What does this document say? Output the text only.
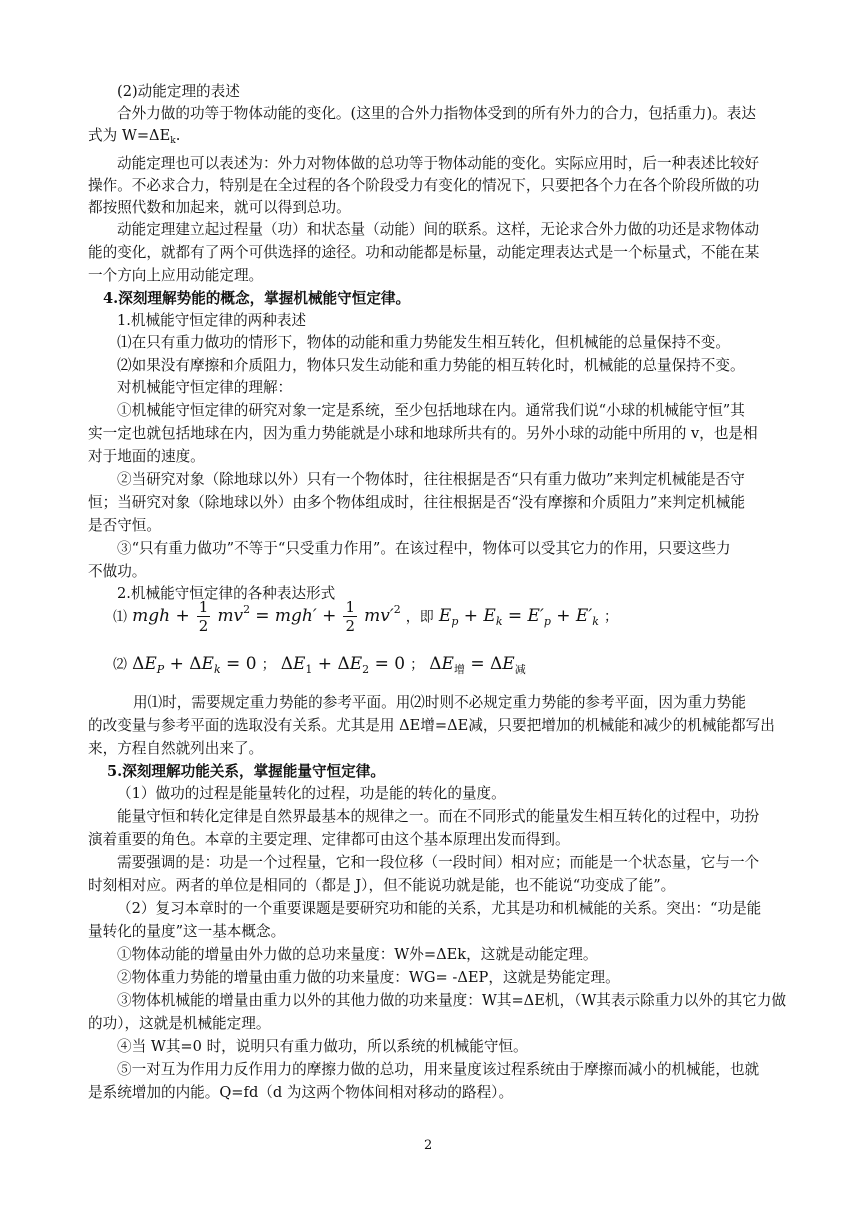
(2)动能定理的表述
合外力做的功等于物体动能的变化。(这里的合外力指物体受到的所有外力的合力，包括重力)。表达
式为 $W=\Delta E_k$.
动能定理也可以表述为：外力对物体做的总功等于物体动能的变化。实际应用时，后一种表述比较好
操作。不必求合力，特别是在全过程的各个阶段受力有变化的情况下，只要把各个力在各个阶段所做的功
都按照代数和加起来，就可以得到总功。
动能定理建立起过程量（功）和状态量（动能）间的联系。这样，无论求合外力做的功还是求物体动
能的变化，就都有了两个可供选择的途径。功和动能都是标量，动能定理表达式是一个标量式，不能在某
一个方向上应用动能定理。
4.深刻理解势能的概念，掌握机械能守恒定律。
1.机械能守恒定律的两种表述
⑴在只有重力做功的情形下，物体的动能和重力势能发生相互转化，但机械能的总量保持不变。
⑵如果没有摩擦和介质阻力，物体只发生动能和重力势能的相互转化时，机械能的总量保持不变。
对机械能守恒定律的理解：
①机械能守恒定律的研究对象一定是系统，至少包括地球在内。通常我们说“小球的机械能守恒”其
实一定也就包括地球在内，因为重力势能就是小球和地球所共有的。另外小球的动能中所用的 v，也是相
对于地面的速度。
②当研究对象（除地球以外）只有一个物体时，往往根据是否“只有重力做功”来判定机械能是否守
恒；当研究对象（除地球以外）由多个物体组成时，往往根据是否“没有摩擦和介质阻力”来判定机械能
是否守恒。
③“只有重力做功”不等于“只受重力作用”。在该过程中，物体可以受其它力的作用，只要这些力
不做功。
2.机械能守恒定律的各种表达形式
⑴ mgh + $\frac{1}{2} mv^2 = mgh' + \frac{1}{2} mv'^2$ ，即 $E_p + E_k = E'_p + E'_k$ ；
⑵ $\Delta E_P + \Delta E_k = 0$ ； $\Delta E_1 + \Delta E_2 = 0$ ； $\Delta E_增 = \Delta E_减$
用⑴时，需要规定重力势能的参考平面。用⑵时则不必规定重力势能的参考平面，因为重力势能
的改变量与参考平面的选取没有关系。尤其是用 ΔE增=ΔE减，只要把增加的机械能和减少的机械能都写出
来，方程自然就列出来了。
5.深刻理解功能关系，掌握能量守恒定律。
（1）做功的过程是能量转化的过程，功是能的转化的量度。
能量守恒和转化定律是自然界最基本的规律之一。而在不同形式的能量发生相互转化的过程中，功扮
演着重要的角色。本章的主要定理、定律都可由这个基本原理出发而得到。
需要强调的是：功是一个过程量，它和一段位移（一段时间）相对应；而能是一个状态量，它与一个
时刻相对应。两者的单位是相同的（都是 J），但不能说功就是能，也不能说“功变成了能”。
（2）复习本章时的一个重要课题是要研究功和能的关系，尤其是功和机械能的关系。突出：“功是能
量转化的量度”这一基本概念。
①物体动能的增量由外力做的总功来量度：W外=ΔEk，这就是动能定理。
②物体重力势能的增量由重力做的功来量度：WG= -ΔEP，这就是势能定理。
③物体机械能的增量由重力以外的其他力做的功来量度：W其=ΔE机，（W其表示除重力以外的其它力做
的功），这就是机械能定理。
④当 W其=0 时，说明只有重力做功，所以系统的机械能守恒。
⑤一对互为作用力反作用力的摩擦力做的总功，用来量度该过程系统由于摩擦而减小的机械能，也就
是系统增加的内能。Q=fd（d 为这两个物体间相对移动的路程）。
2
